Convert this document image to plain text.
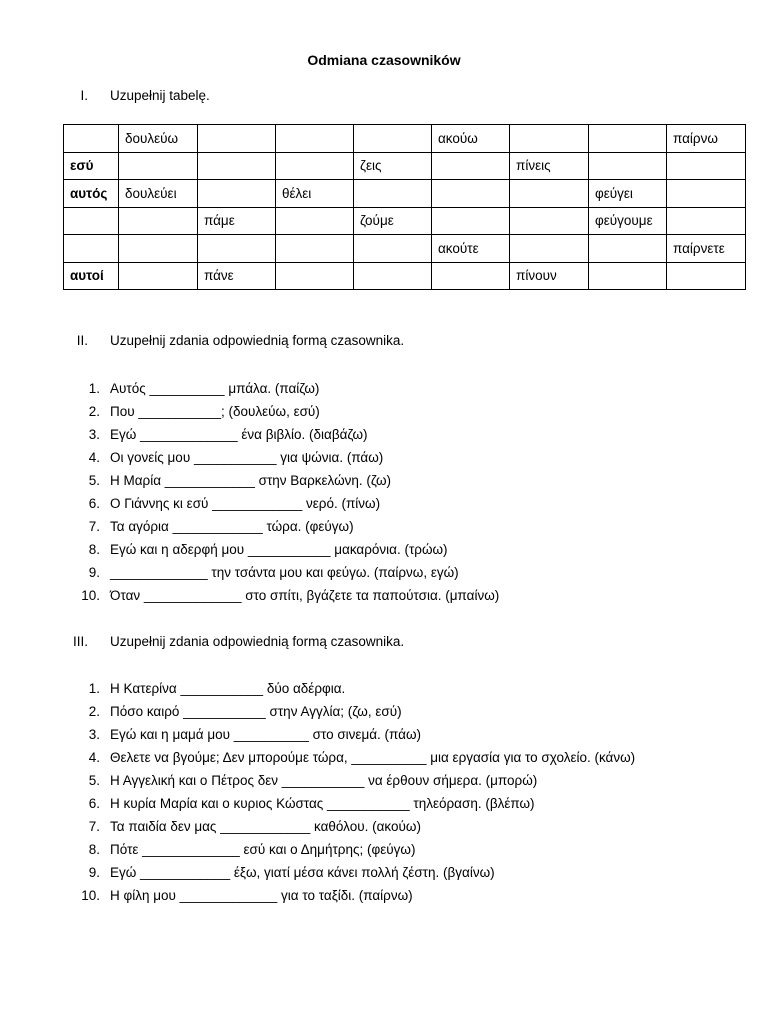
Odmiana czasowników
I. Uzupełnij tabelę.
	δουλεύω				ακούω			παίρνω
εσύ				ζεις		πίνεις		
αυτός	δουλεύει		θέλει				φεύγει	
		πάμε		ζούμε			φεύγουμε	
					ακούτε			παίρνετε
αυτοί		πάνε				πίνουν		
II. Uzupełnij zdania odpowiednią formą czasownika.
1. Αυτός __________ μπάλα. (παίζω)
2. Που ___________; (δουλεύω, εσύ)
3. Εγώ _____________ ένα βιβλίο. (διαβάζω)
4. Οι γονείς μου ___________ για ψώνια. (πάω)
5. Η Μαρία ____________ στην Βαρκελώνη. (ζω)
6. Ο Γιάννης κι εσύ ____________ νερό. (πίνω)
7. Τα αγόρια ____________ τώρα. (φεύγω)
8. Εγώ και η αδερφή μου ___________ μακαρόνια. (τρώω)
9. _____________ την τσάντα μου και φεύγω. (παίρνω, εγώ)
10. Όταν _____________ στο σπίτι, βγάζετε τα παπούτσια. (μπαίνω)
III. Uzupełnij zdania odpowiednią formą czasownika.
1. Η Κατερίνα ___________ δύο αδέρφια.
2. Πόσο καιρό ___________ στην Αγγλία; (ζω, εσύ)
3. Εγώ και η μαμά μου __________ στο σινεμά. (πάω)
4. Θελετε να βγούμε; Δεν μπορούμε τώρα, __________ μια εργασία για το σχολείο. (κάνω)
5. Η Αγγελική και ο Πέτρος δεν ___________ να έρθουν σήμερα. (μπορώ)
6. Η κυρία Μαρία και ο κυριος Κώστας ___________ τηλεόραση. (βλέπω)
7. Τα παιδία δεν μας ____________ καθόλου. (ακούω)
8. Πότε _____________ εσύ και ο Δημήτρης; (φεύγω)
9. Εγώ ____________ έξω, γιατί μέσα κάνει πολλή ζέστη. (βγαίνω)
10. Η φίλη μου _____________ για το ταξίδι. (παίρνω)
